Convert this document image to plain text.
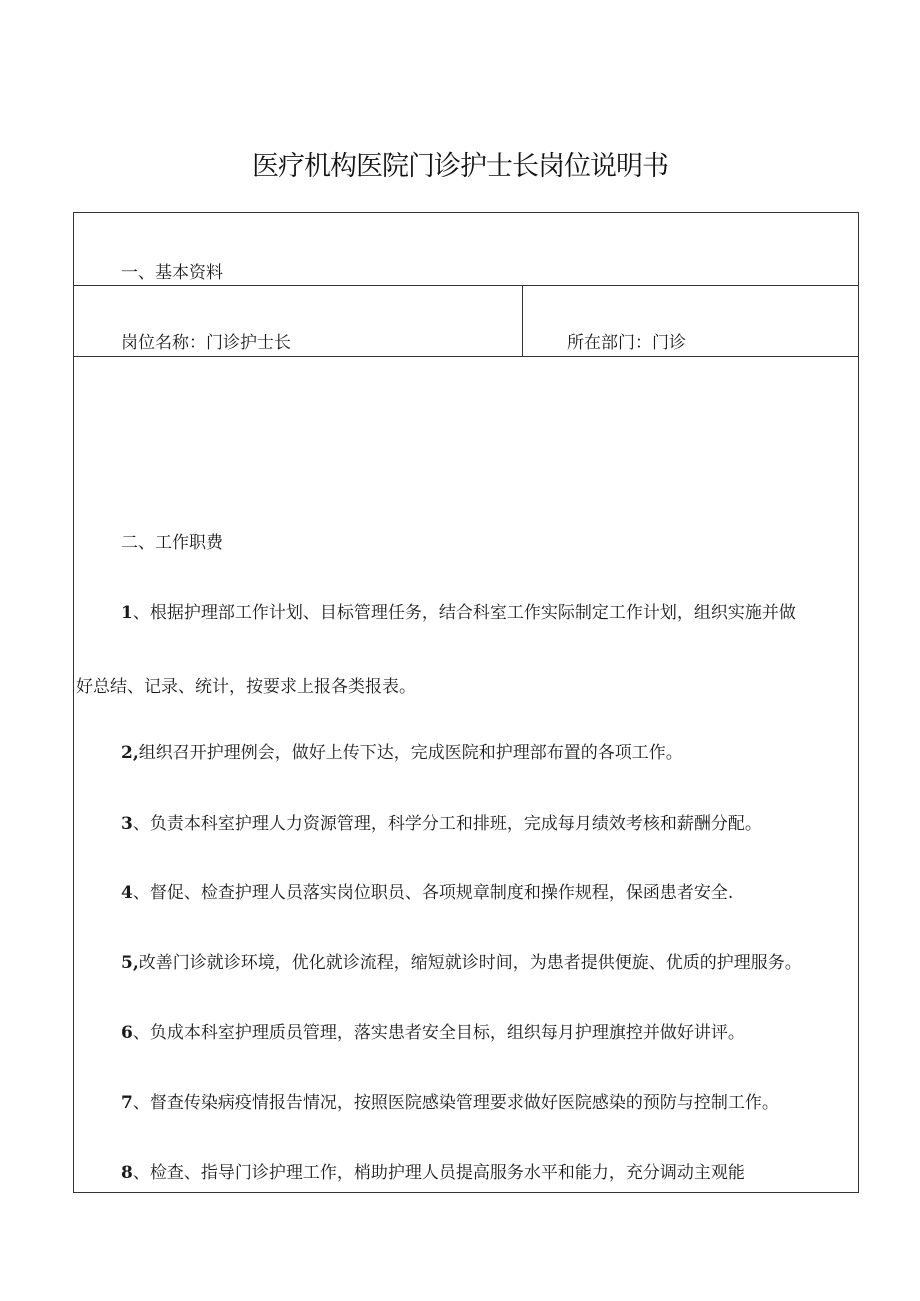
医疗机构医院门诊护士长岗位说明书
一、基本资料
岗位名称：门诊护士长	所在部门：门诊
二、工作职费
1、根据护理部工作计划、目标管理任务，结合科室工作实际制定工作计划，组织实施并做
好总结、记录、统计，按要求上报各类报表。
2,组织召开护理例会，做好上传下达，完成医院和护理部布置的各项工作。
3、负责本科室护理人力资源管理，科学分工和排班，完成每月绩效考核和薪酬分配。
4、督促、检查护理人员落实岗位职员、各项规章制度和操作规程，保函患者安全.
5,改善门诊就诊环境，优化就诊流程，缩短就诊时间，为患者提供便旋、优质的护理服务。
6、负成本科室护理质员管理，落实患者安全目标，组织每月护理旗控并做好讲评。
7、督查传染病疫情报告情况，按照医院感染管理要求做好医院感染的预防与控制工作。
8、检查、指导门诊护理工作，梢助护理人员提高服务水平和能力，充分调动主观能
